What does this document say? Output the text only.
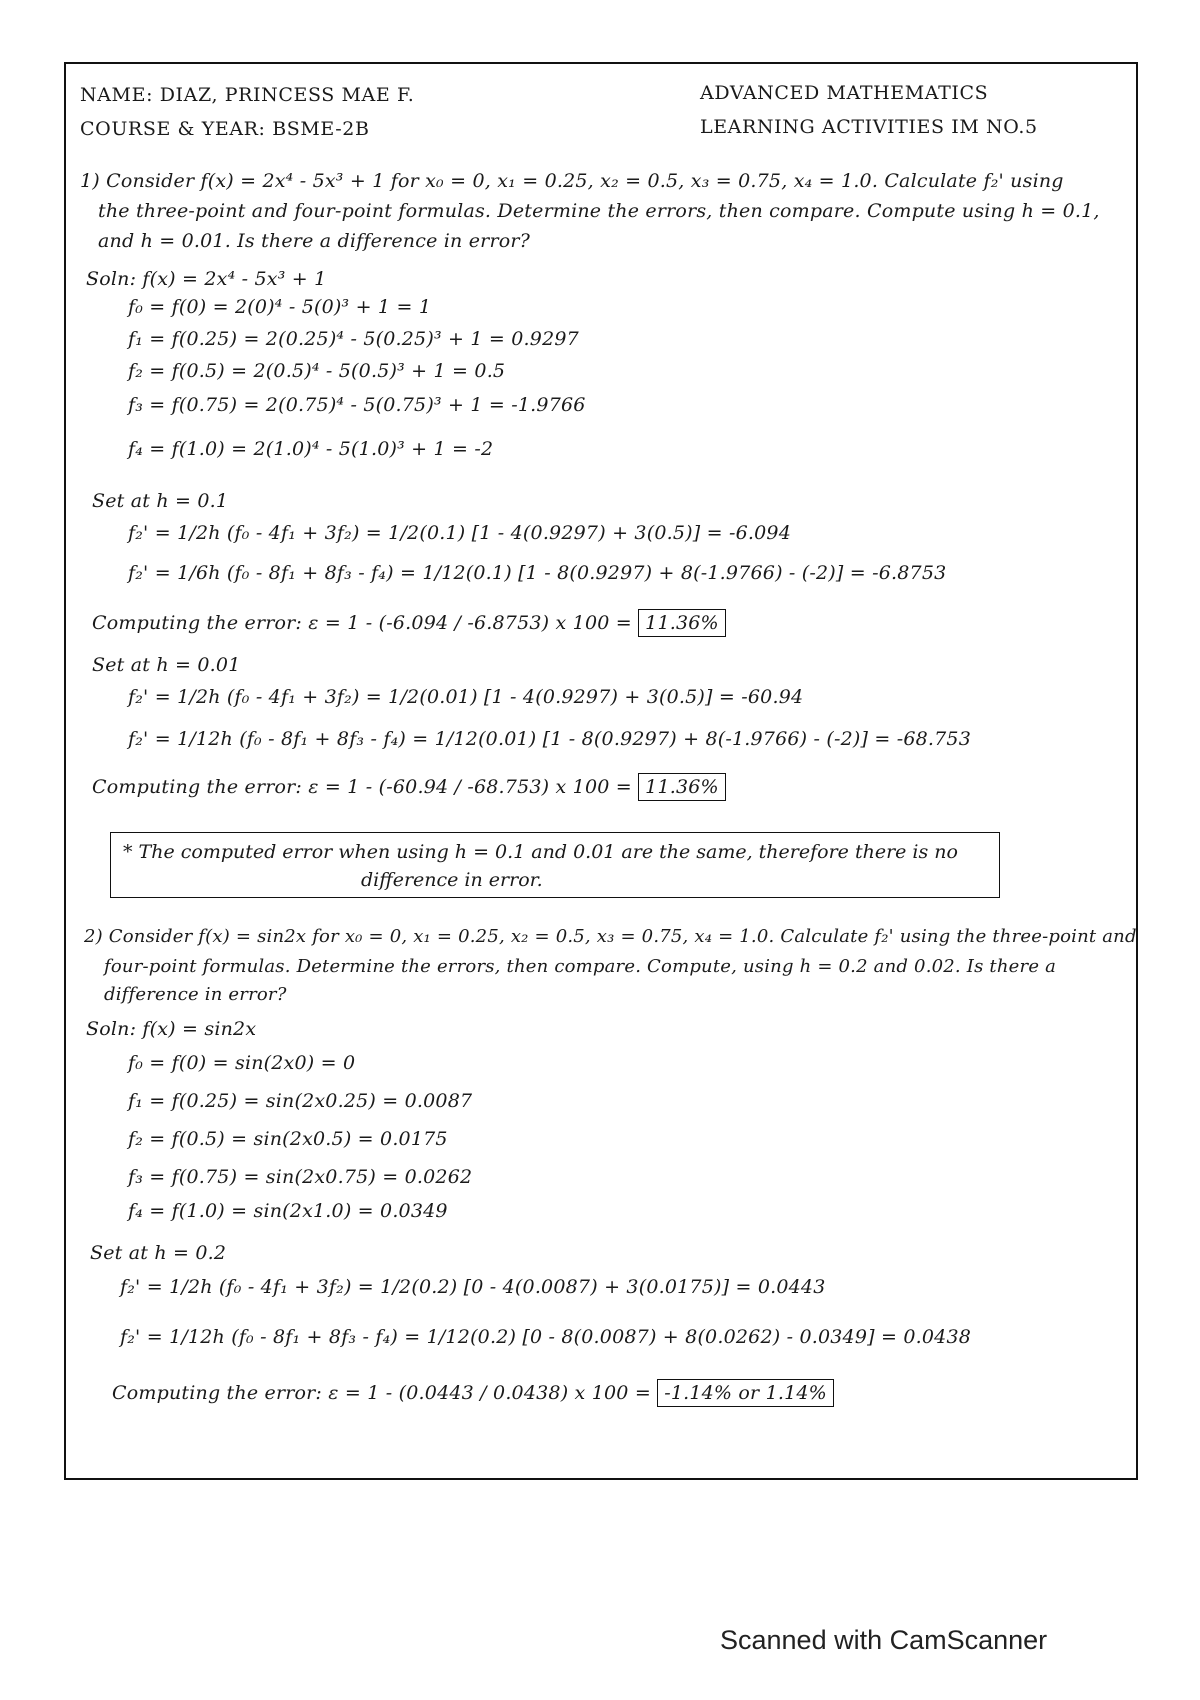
NAME: DIAZ, PRINCESS MAE F.
COURSE & YEAR: BSME-2B
ADVANCED MATHEMATICS
LEARNING ACTIVITIES IM NO.5
1) Consider f(x) = 2x⁴ - 5x³ + 1 for x₀ = 0, x₁ = 0.25, x₂ = 0.5, x₃ = 0.75, x₄ = 1.0. Calculate f₂' using
the three-point and four-point formulas. Determine the errors, then compare. Compute using h = 0.1,
and h = 0.01. Is there a difference in error?
Soln: f(x) = 2x⁴ - 5x³ + 1
f₀ = f(0) = 2(0)⁴ - 5(0)³ + 1 = 1
f₁ = f(0.25) = 2(0.25)⁴ - 5(0.25)³ + 1 = 0.9297
f₂ = f(0.5) = 2(0.5)⁴ - 5(0.5)³ + 1 = 0.5
f₃ = f(0.75) = 2(0.75)⁴ - 5(0.75)³ + 1 = -1.9766
f₄ = f(1.0) = 2(1.0)⁴ - 5(1.0)³ + 1 = -2
Set at h = 0.1
f₂' = 1/2h (f₀ - 4f₁ + 3f₂) = 1/2(0.1) [1 - 4(0.9297) + 3(0.5)] = -6.094
f₂' = 1/6h (f₀ - 8f₁ + 8f₃ - f₄) = 1/12(0.1) [1 - 8(0.9297) + 8(-1.9766) - (-2)] = -6.8753
Computing the error: ε = 1 - (-6.094 / -6.8753) x 100 = 11.36%
Set at h = 0.01
f₂' = 1/2h (f₀ - 4f₁ + 3f₂) = 1/2(0.01) [1 - 4(0.9297) + 3(0.5)] = -60.94
f₂' = 1/12h (f₀ - 8f₁ + 8f₃ - f₄) = 1/12(0.01) [1 - 8(0.9297) + 8(-1.9766) - (-2)] = -68.753
Computing the error: ε = 1 - (-60.94 / -68.753) x 100 = 11.36%
* The computed error when using h = 0.1 and 0.01 are the same, therefore there is no
difference in error.
2) Consider f(x) = sin2x for x₀ = 0, x₁ = 0.25, x₂ = 0.5, x₃ = 0.75, x₄ = 1.0. Calculate f₂' using the three-point and
four-point formulas. Determine the errors, then compare. Compute, using h = 0.2 and 0.02. Is there a
difference in error?
Soln: f(x) = sin2x
f₀ = f(0) = sin(2x0) = 0
f₁ = f(0.25) = sin(2x0.25) = 0.0087
f₂ = f(0.5) = sin(2x0.5) = 0.0175
f₃ = f(0.75) = sin(2x0.75) = 0.0262
f₄ = f(1.0) = sin(2x1.0) = 0.0349
Set at h = 0.2
f₂' = 1/2h (f₀ - 4f₁ + 3f₂) = 1/2(0.2) [0 - 4(0.0087) + 3(0.0175)] = 0.0443
f₂' = 1/12h (f₀ - 8f₁ + 8f₃ - f₄) = 1/12(0.2) [0 - 8(0.0087) + 8(0.0262) - 0.0349] = 0.0438
Computing the error: ε = 1 - (0.0443 / 0.0438) x 100 = -1.14% or 1.14%
Scanned with CamScanner
